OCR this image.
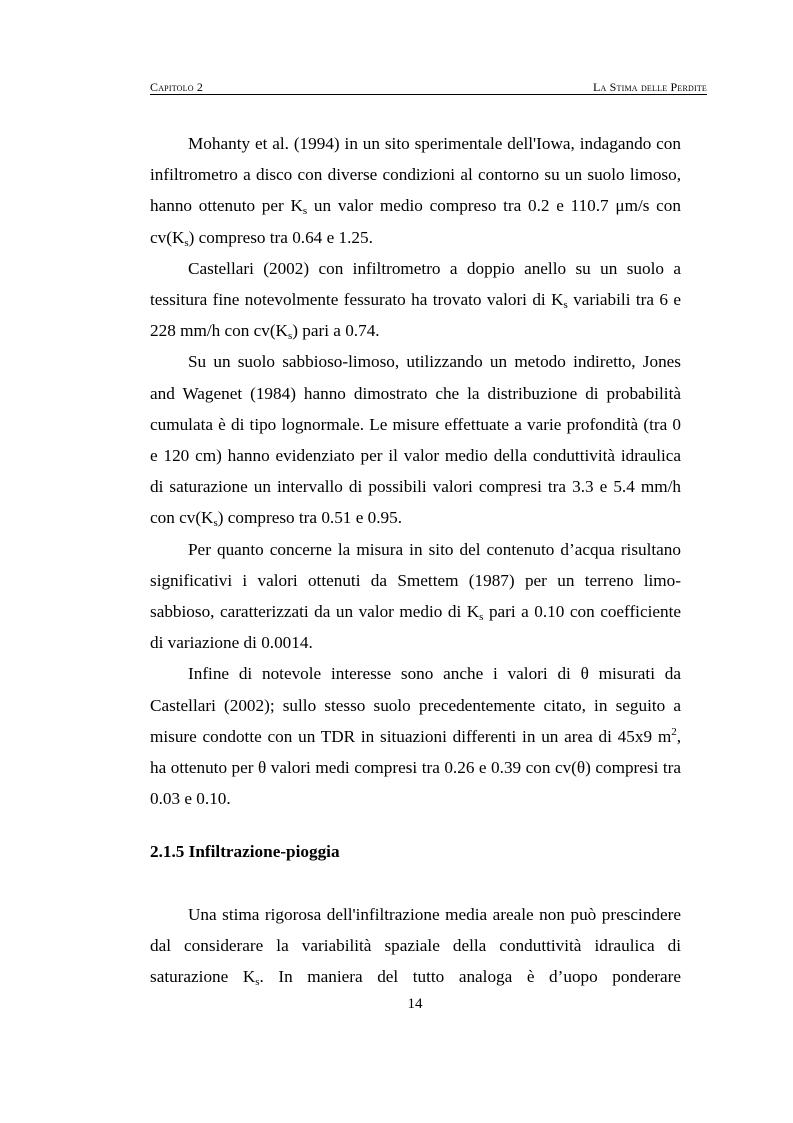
Capitolo 2	La Stima delle Perdite

Mohanty et al. (1994) in un sito sperimentale dell'Iowa, indagando con infiltrometro a disco con diverse condizioni al contorno su un suolo limoso, hanno ottenuto per $K_s$ un valor medio compreso tra 0.2 e 110.7 μm/s con $cv(K_s)$ compreso tra 0.64 e 1.25.

Castellari (2002) con infiltrometro a doppio anello su un suolo a tessitura fine notevolmente fessurato ha trovato valori di $K_s$ variabili tra 6 e 228 mm/h con $cv(K_s)$ pari a 0.74.

Su un suolo sabbioso-limoso, utilizzando un metodo indiretto, Jones and Wagenet (1984) hanno dimostrato che la distribuzione di probabilità cumulata è di tipo lognormale. Le misure effettuate a varie profondità (tra 0 e 120 cm) hanno evidenziato per il valor medio della conduttività idraulica di saturazione un intervallo di possibili valori compresi tra 3.3 e 5.4 mm/h con $cv(K_s)$ compreso tra 0.51 e 0.95.

Per quanto concerne la misura in sito del contenuto d’acqua risultano significativi i valori ottenuti da Smettem (1987) per un terreno limo-sabbioso, caratterizzati da un valor medio di $K_s$ pari a 0.10 con coefficiente di variazione di 0.0014.

Infine di notevole interesse sono anche i valori di θ misurati da Castellari (2002); sullo stesso suolo precedentemente citato, in seguito a misure condotte con un TDR in situazioni differenti in un area di 45x9 $m^2$, ha ottenuto per θ valori medi compresi tra 0.26 e 0.39 con cv(θ) compresi tra 0.03 e 0.10.

2.1.5 Infiltrazione-pioggia

Una stima rigorosa dell'infiltrazione media areale non può prescindere dal considerare la variabilità spaziale della conduttività idraulica di saturazione $K_s$. In maniera del tutto analoga è d’uopo ponderare

14
